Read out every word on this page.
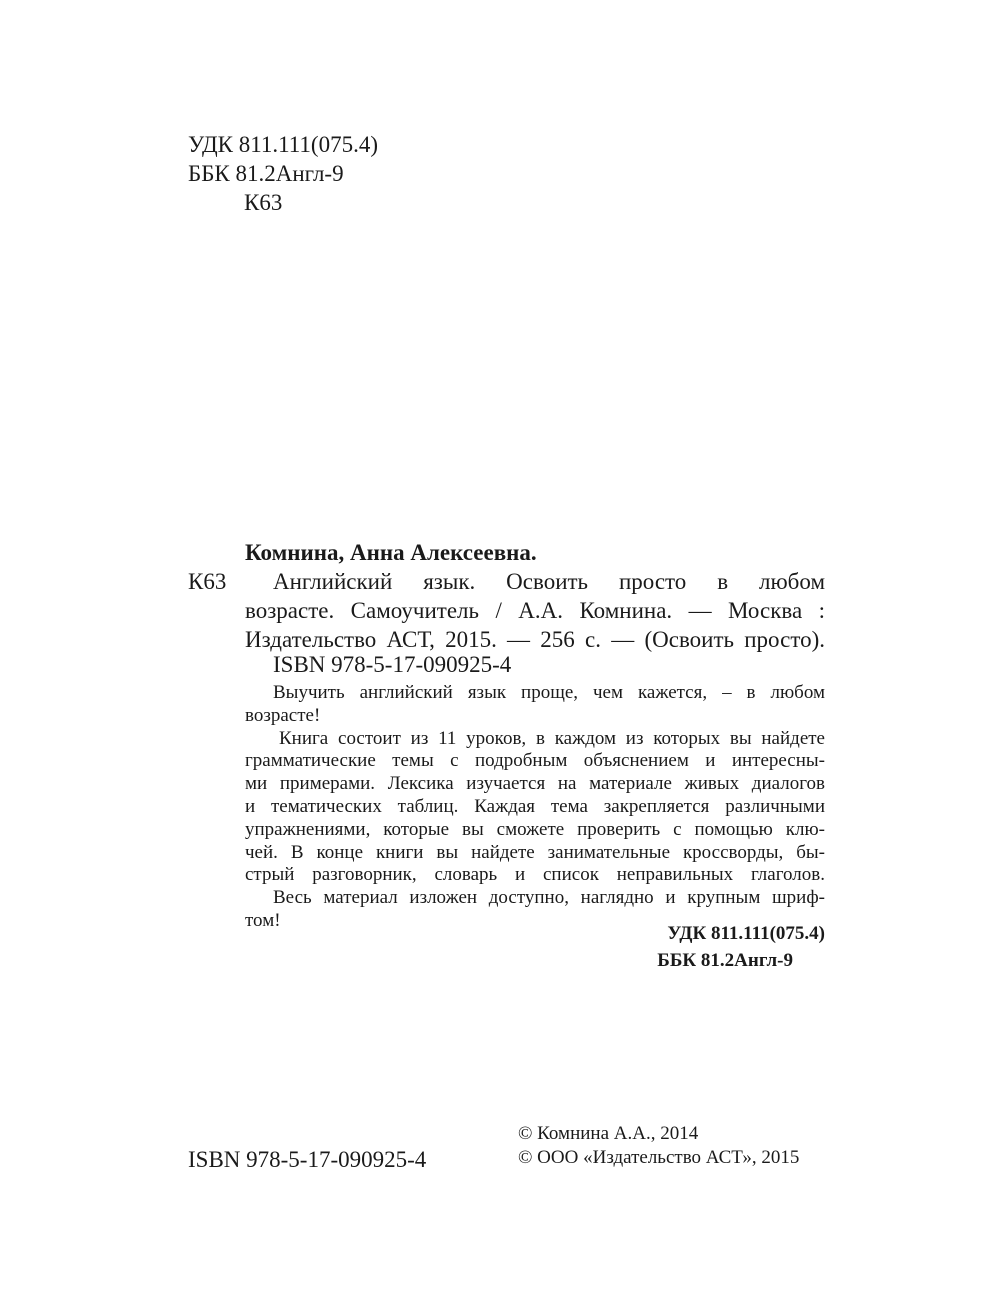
УДК 811.111(075.4)
ББК 81.2Англ-9
К63
Комнина, Анна Алексеевна.
К63	Английский язык. Освоить просто в любом
возрасте. Самоучитель / А.А. Комнина. — Москва :
Издательство АСТ, 2015. — 256 с. — (Освоить просто).
ISBN 978-5-17-090925-4
Выучить английский язык проще, чем кажется, – в любом
возрасте!
Книга состоит из 11 уроков, в каждом из которых вы найдете
грамматические темы с подробным объяснением и интересны-
ми примерами. Лексика изучается на материале живых диалогов
и тематических таблиц. Каждая тема закрепляется различными
упражнениями, которые вы сможете проверить с помощью клю-
чей. В конце книги вы найдете занимательные кроссворды, бы-
стрый разговорник, словарь и список неправильных глаголов.
Весь материал изложен доступно, наглядно и крупным шриф-
том!
УДК 811.111(075.4)
ББК 81.2Англ-9
© Комнина А.А., 2014
ISBN 978-5-17-090925-4	© ООО «Издательство АСТ», 2015
